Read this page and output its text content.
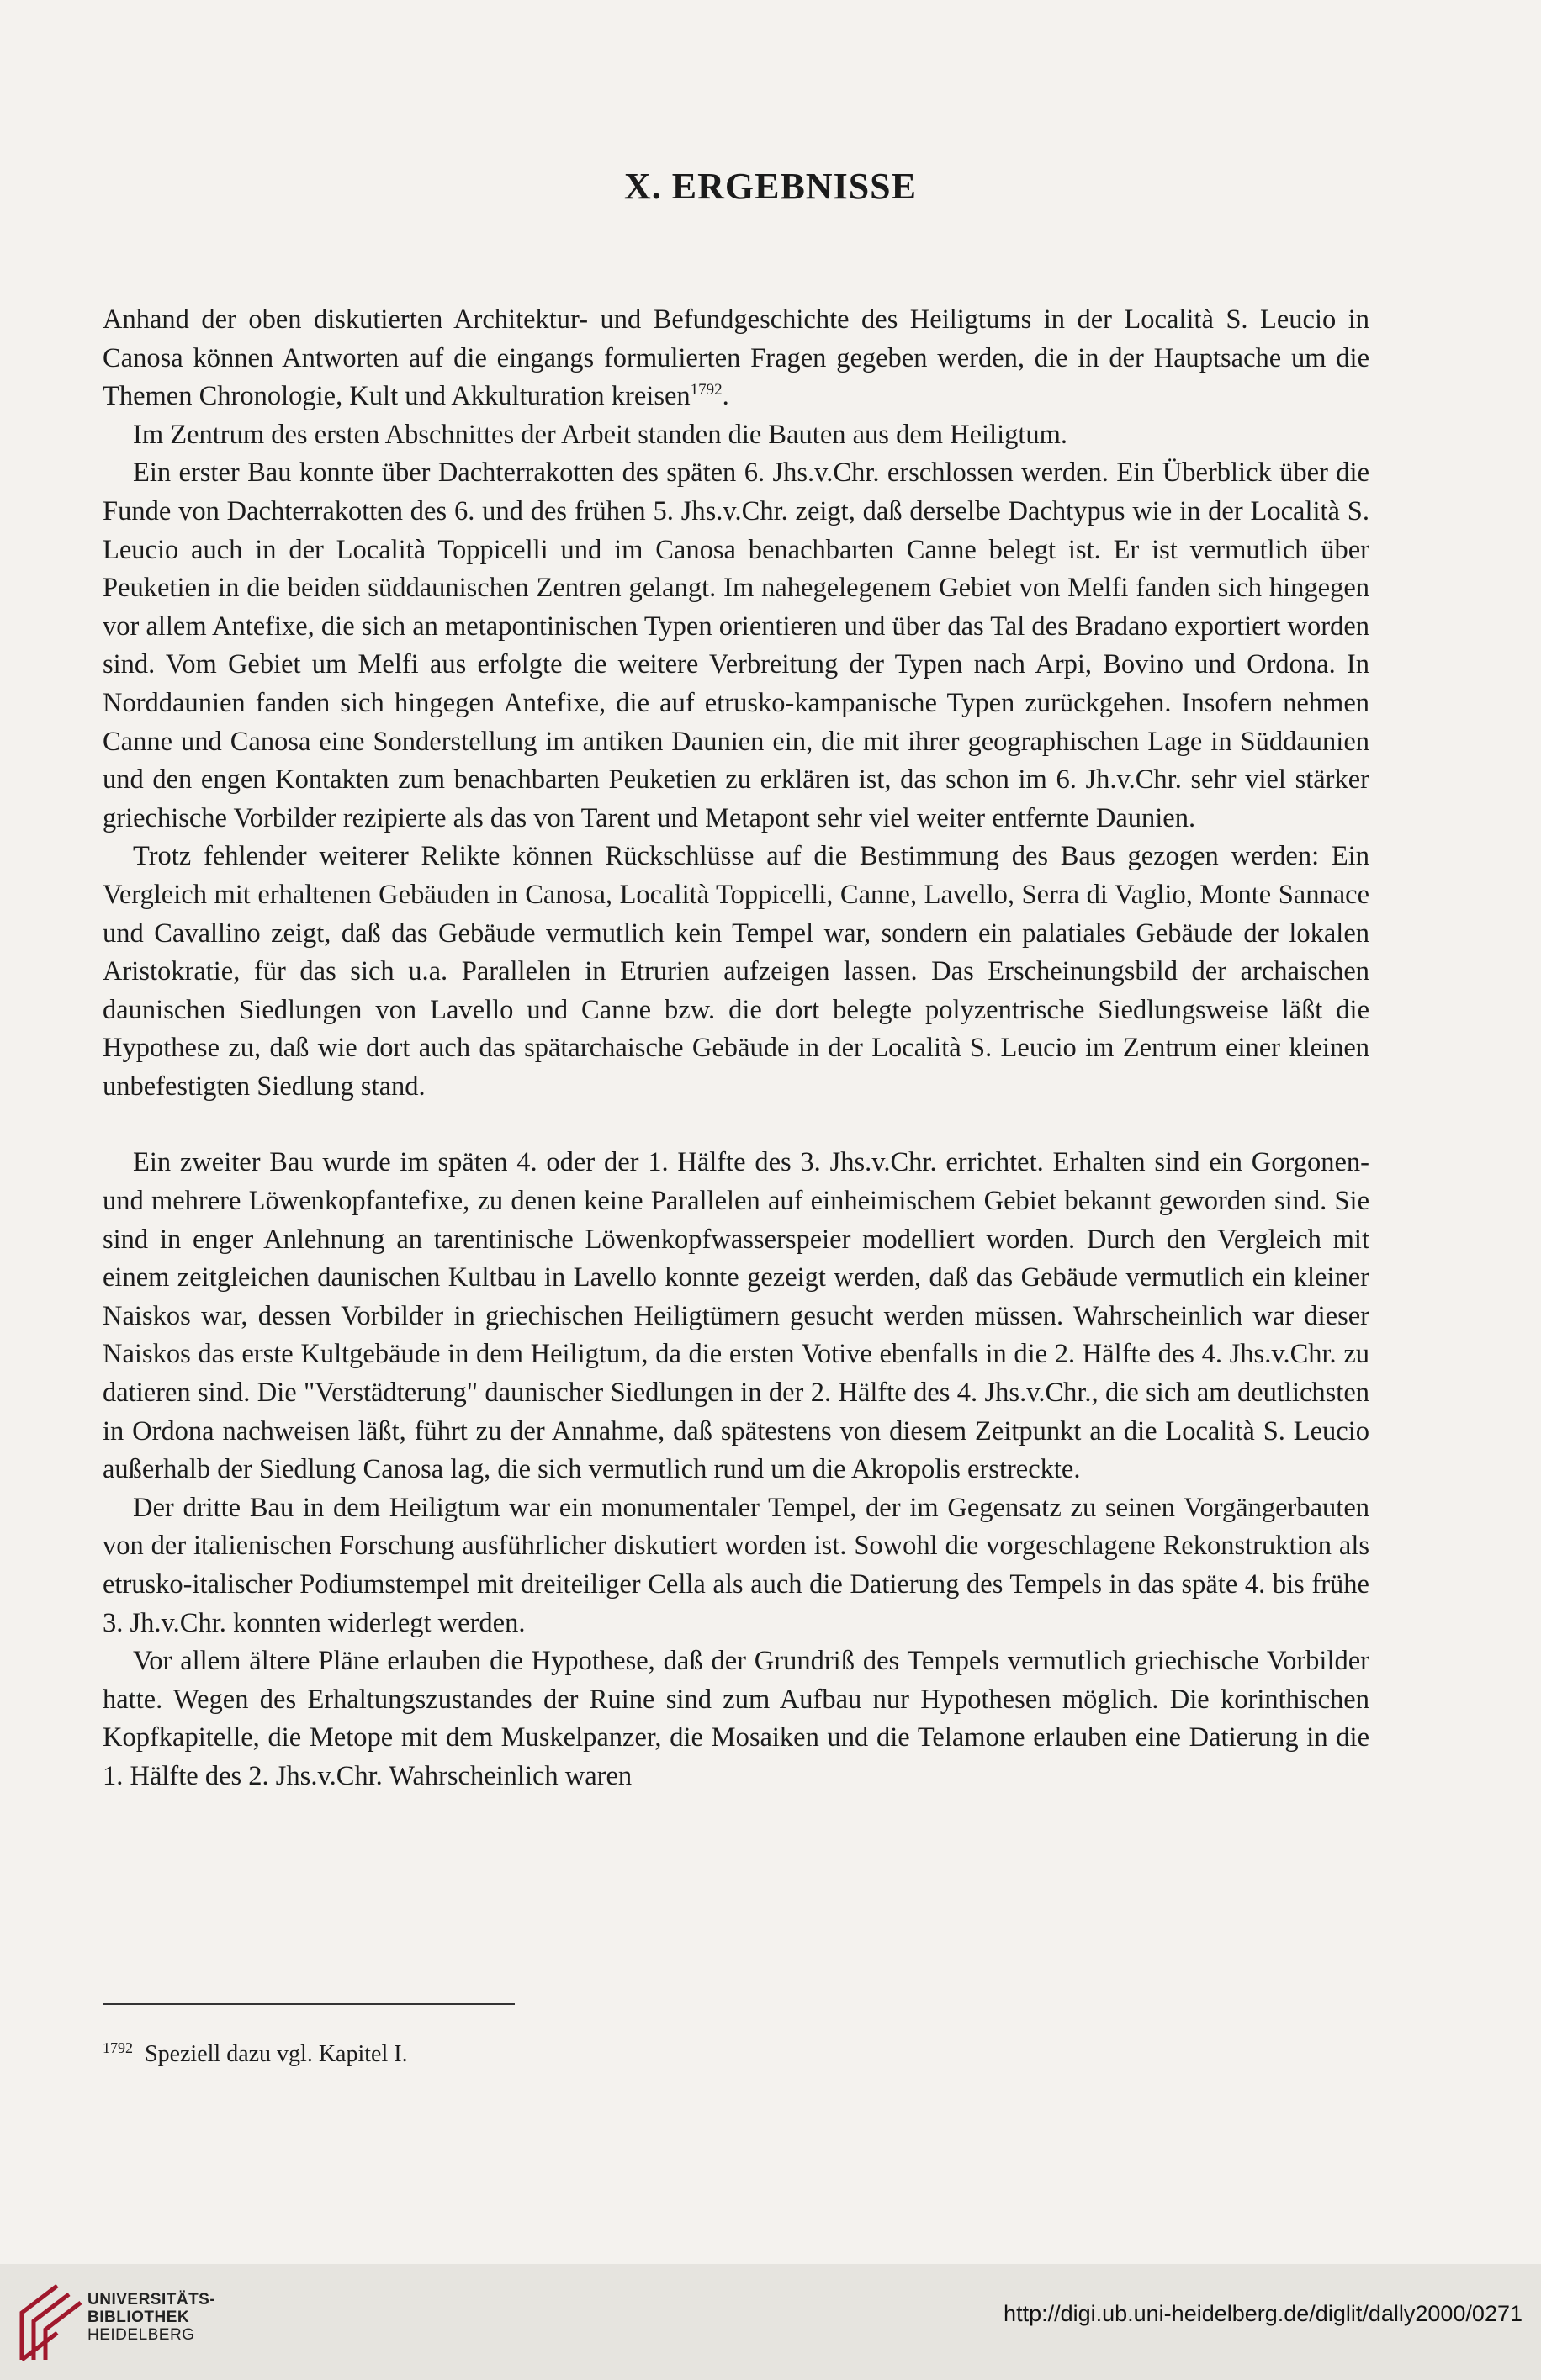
X. ERGEBNISSE

Anhand der oben diskutierten Architektur- und Befundgeschichte des Heiligtums in der Località S. Leucio in Canosa können Antworten auf die eingangs formulierten Fragen gegeben werden, die in der Hauptsache um die Themen Chronologie, Kult und Akkulturation kreisen$^{1792}$.

Im Zentrum des ersten Abschnittes der Arbeit standen die Bauten aus dem Heiligtum.

Ein erster Bau konnte über Dachterrakotten des späten 6. Jhs.v.Chr. erschlossen werden. Ein Überblick über die Funde von Dachterrakotten des 6. und des frühen 5. Jhs.v.Chr. zeigt, daß derselbe Dachtypus wie in der Località S. Leucio auch in der Località Toppicelli und im Canosa benachbarten Canne belegt ist. Er ist vermutlich über Peuketien in die beiden süddaunischen Zentren gelangt. Im nahegelegenem Gebiet von Melfi fanden sich hingegen vor allem Antefixe, die sich an metapontinischen Typen orientieren und über das Tal des Bradano exportiert worden sind. Vom Gebiet um Melfi aus erfolgte die weitere Verbreitung der Typen nach Arpi, Bovino und Ordona. In Norddaunien fanden sich hingegen Antefixe, die auf etrusko-kampanische Typen zurückgehen. Insofern nehmen Canne und Canosa eine Sonderstellung im antiken Daunien ein, die mit ihrer geographischen Lage in Süddaunien und den engen Kontakten zum benachbarten Peuketien zu erklären ist, das schon im 6. Jh.v.Chr. sehr viel stärker griechische Vorbilder rezipierte als das von Tarent und Metapont sehr viel weiter entfernte Daunien.

Trotz fehlender weiterer Relikte können Rückschlüsse auf die Bestimmung des Baus gezogen werden: Ein Vergleich mit erhaltenen Gebäuden in Canosa, Località Toppicelli, Canne, Lavello, Serra di Vaglio, Monte Sannace und Cavallino zeigt, daß das Gebäude vermutlich kein Tempel war, sondern ein palatiales Gebäude der lokalen Aristokratie, für das sich u.a. Parallelen in Etrurien aufzeigen lassen. Das Erscheinungsbild der archaischen daunischen Siedlungen von Lavello und Canne bzw. die dort belegte polyzentrische Siedlungsweise läßt die Hypothese zu, daß wie dort auch das spätarchaische Gebäude in der Località S. Leucio im Zentrum einer kleinen unbefestigten Siedlung stand.

Ein zweiter Bau wurde im späten 4. oder der 1. Hälfte des 3. Jhs.v.Chr. errichtet. Erhalten sind ein Gorgonen- und mehrere Löwenkopfantefixe, zu denen keine Parallelen auf einheimischem Gebiet bekannt geworden sind. Sie sind in enger Anlehnung an tarentinische Löwenkopfwasserspeier modelliert worden. Durch den Vergleich mit einem zeitgleichen daunischen Kultbau in Lavello konnte gezeigt werden, daß das Gebäude vermutlich ein kleiner Naiskos war, dessen Vorbilder in griechischen Heiligtümern gesucht werden müssen. Wahrscheinlich war dieser Naiskos das erste Kultgebäude in dem Heiligtum, da die ersten Votive ebenfalls in die 2. Hälfte des 4. Jhs.v.Chr. zu datieren sind. Die "Verstädterung" daunischer Siedlungen in der 2. Hälfte des 4. Jhs.v.Chr., die sich am deutlichsten in Ordona nachweisen läßt, führt zu der Annahme, daß spätestens von diesem Zeitpunkt an die Località S. Leucio außerhalb der Siedlung Canosa lag, die sich vermutlich rund um die Akropolis erstreckte.

Der dritte Bau in dem Heiligtum war ein monumentaler Tempel, der im Gegensatz zu seinen Vorgängerbauten von der italienischen Forschung ausführlicher diskutiert worden ist. Sowohl die vorgeschlagene Rekonstruktion als etrusko-italischer Podiumstempel mit dreiteiliger Cella als auch die Datierung des Tempels in das späte 4. bis frühe 3. Jh.v.Chr. konnten widerlegt werden.

Vor allem ältere Pläne erlauben die Hypothese, daß der Grundriß des Tempels vermutlich griechische Vorbilder hatte. Wegen des Erhaltungszustandes der Ruine sind zum Aufbau nur Hypothesen möglich. Die korinthischen Kopfkapitelle, die Metope mit dem Muskelpanzer, die Mosaiken und die Telamone erlauben eine Datierung in die 1. Hälfte des 2. Jhs.v.Chr. Wahrscheinlich waren

$^{1792}$ Speziell dazu vgl. Kapitel I.
UNIVERSITÄTS-
BIBLIOTHEK
HEIDELBERG
http://digi.ub.uni-heidelberg.de/diglit/dally2000/0271
